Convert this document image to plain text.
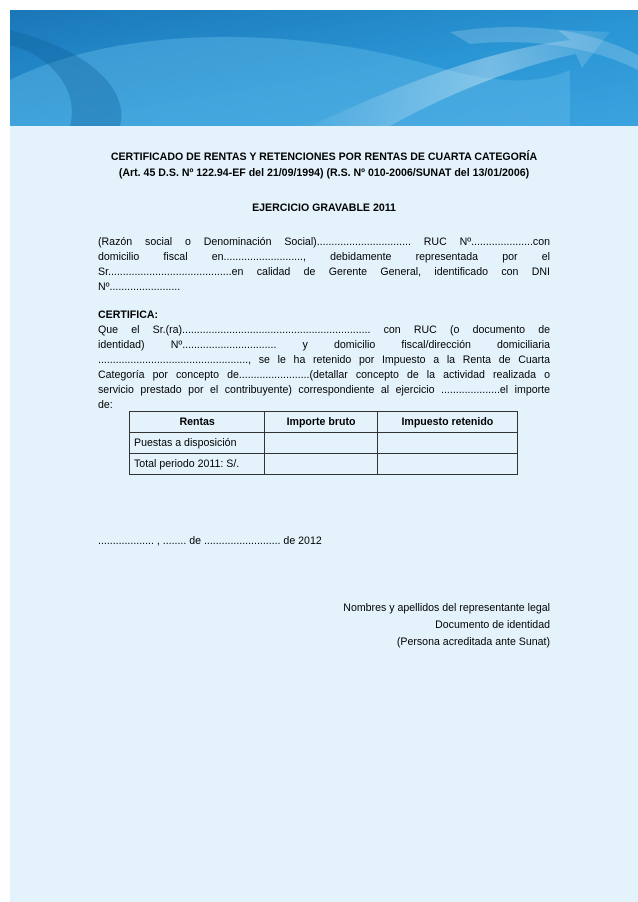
CERTIFICADO DE RENTAS Y RETENCIONES POR RENTAS DE CUARTA CATEGORÍA
(Art. 45 D.S. Nº 122.94-EF del 21/09/1994) (R.S. Nº 010-2006/SUNAT del 13/01/2006)
EJERCICIO GRAVABLE 2011
(Razón social o Denominación Social)................................ RUC Nº.....................con
domicilio fiscal en..........................., debidamente representada por el
Sr..........................................en calidad de Gerente General, identificado con DNI
Nº........................
CERTIFICA:
Que el Sr.(ra)................................................................ con RUC (o documento de
identidad) Nº................................ y domicilio fiscal/dirección domiciliaria
..................................................., se le ha retenido por Impuesto a la Renta de Cuarta
Categoría por concepto de........................(detallar concepto de la actividad realizada o
servicio prestado por el contribuyente) correspondiente al ejercicio ....................el importe
de:
Rentas	Importe bruto	Impuesto retenido
Puestas a disposición		
Total periodo 2011: S/.		
................... , ........ de .......................... de 2012
Nombres y apellidos del representante legal
Documento de identidad
(Persona acreditada ante Sunat)
